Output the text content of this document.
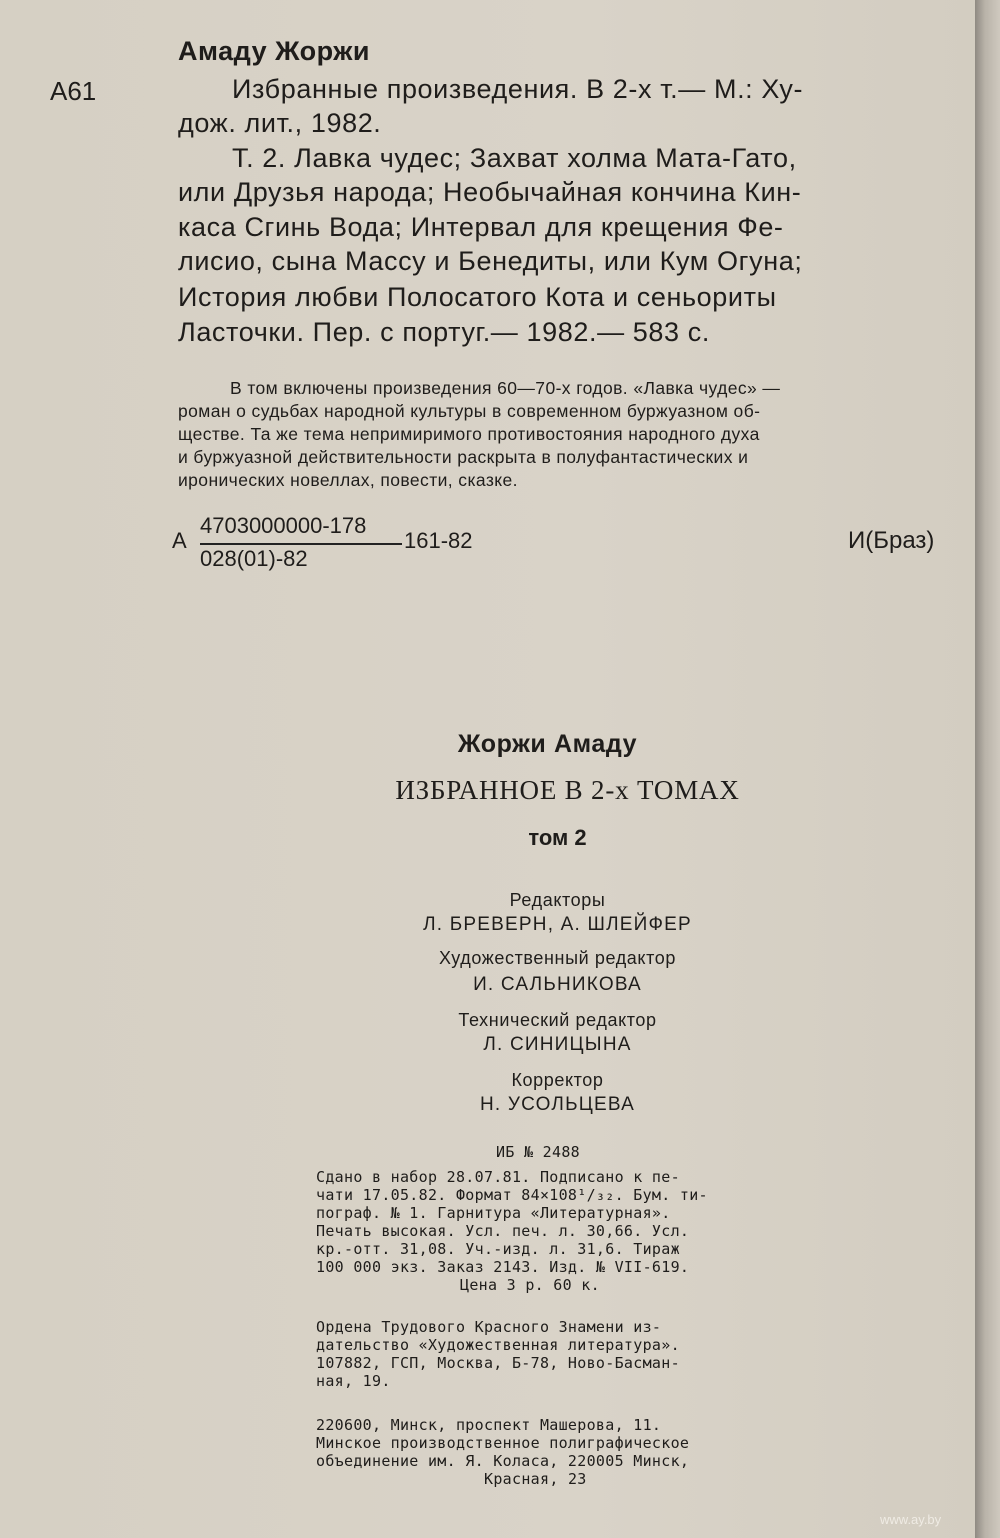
Амаду Жоржи
А61	Избранные произведения. В 2-х т.— М.: Ху-
дож. лит., 1982.
Т. 2. Лавка чудес; Захват холма Мата-Гато,
или Друзья народа; Необычайная кончина Кин-
каса Сгинь Вода; Интервал для крещения Фе-
лисио, сына Массу и Бенедиты, или Кум Огуна;
История любви Полосатого Кота и сеньориты
Ласточки. Пер. с португ.— 1982.— 583 с.
В том включены произведения 60—70-х годов. «Лавка чудес» —
роман о судьбах народной культуры в современном буржуазном об-
ществе. Та же тема непримиримого противостояния народного духа
и буржуазной действительности раскрыта в полуфантастических и
иронических новеллах, повести, сказке.
А
4703000000-178
028(01)-82
161-82	И(Браз)
Жоржи Амаду
ИЗБРАННОЕ В 2-х ТОМАХ
том 2
Редакторы
Л. БРЕВЕРН, А. ШЛЕЙФЕР
Художественный редактор
И. САЛЬНИКОВА
Технический редактор
Л. СИНИЦЫНА
Корректор
Н. УСОЛЬЦЕВА
ИБ № 2488
Сдано в набор 28.07.81. Подписано к пе-
чати 17.05.82. Формат 84×108¹/₃₂. Бум. ти-
пограф. № 1. Гарнитура «Литературная».
Печать высокая. Усл. печ. л. 30,66. Усл.
кр.-отт. 31,08. Уч.-изд. л. 31,6. Тираж
100 000 экз. Заказ 2143. Изд. № VII-619.
Цена 3 р. 60 к.
Ордена Трудового Красного Знамени из-
дательство «Художественная литература».
107882, ГСП, Москва, Б-78, Ново-Басман-
ная, 19.
220600, Минск, проспект Машерова, 11.
Минское производственное полиграфическое
объединение им. Я. Коласа, 220005 Минск,
Красная, 23
www.ay.by
